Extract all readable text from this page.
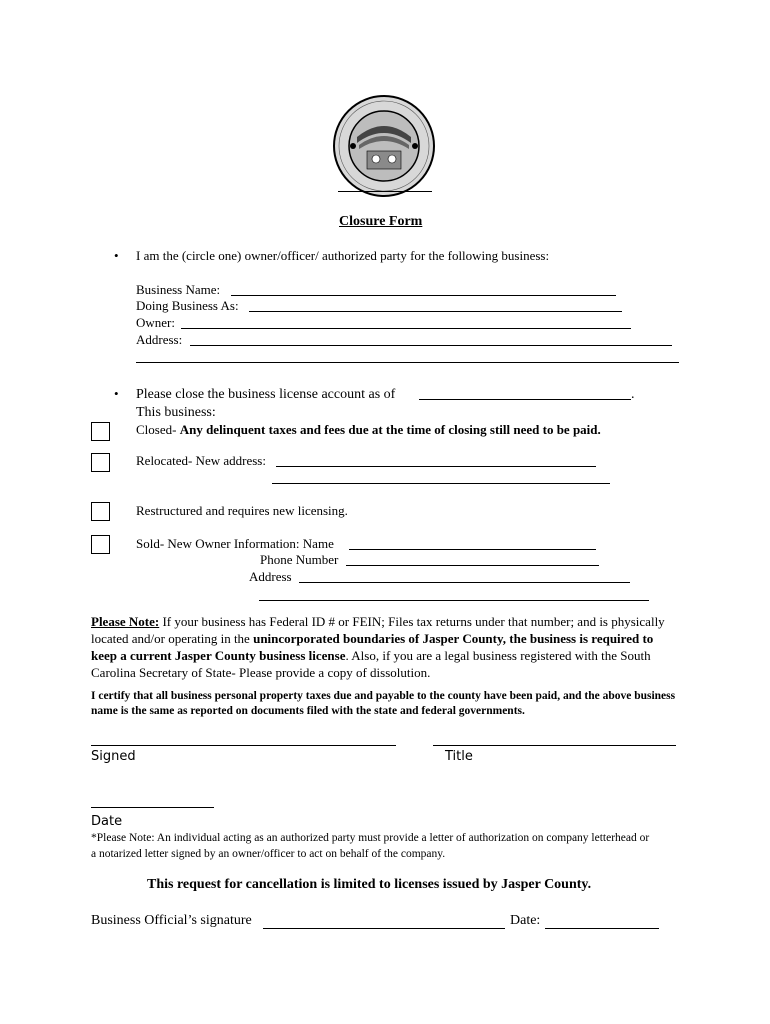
Closure Form
• I am the (circle one) owner/officer/ authorized party for the following business:
Business Name:
Doing Business As:
Owner:
Address:
• Please close the business license account as of	.
This business:
Closed- Any delinquent taxes and fees due at the time of closing still need to be paid.
Relocated- New address:
Restructured and requires new licensing.
Sold- New Owner Information: Name
Phone Number
Address
Please Note: If your business has Federal ID # or FEIN; Files tax returns under that number; and is physically located and/or operating in the unincorporated boundaries of Jasper County, the business is required to keep a current Jasper County business license. Also, if you are a legal business registered with the South Carolina Secretary of State- Please provide a copy of dissolution.
I certify that all business personal property taxes due and payable to the county have been paid, and the above business name is the same as reported on documents filed with the state and federal governments.
Signed	Title
Date
*Please Note: An individual acting as an authorized party must provide a letter of authorization on company letterhead or a notarized letter signed by an owner/officer to act on behalf of the company.
This request for cancellation is limited to licenses issued by Jasper County.
Business Official’s signature	Date:
